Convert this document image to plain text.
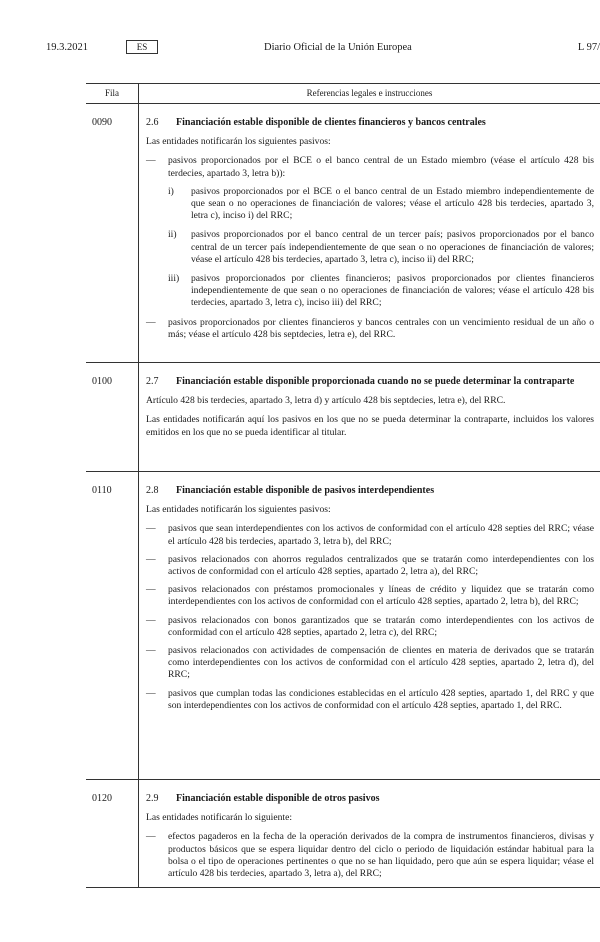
19.3.2021	ES	Diario Oficial de la Unión Europea	L 97/
Fila	Referencias legales e instrucciones
0090	2.6 Financiación estable disponible de clientes financieros y bancos centrales

Las entidades notificarán los siguientes pasivos:

— pasivos proporcionados por el BCE o el banco central de un Estado miembro (véase el artículo 428 bis terdecies, apartado 3, letra b)):
i) pasivos proporcionados por el BCE o el banco central de un Estado miembro independientemente de que sean o no operaciones de financiación de valores; véase el artículo 428 bis terdecies, apartado 3, letra c), inciso i) del RRC;
ii) pasivos proporcionados por el banco central de un tercer país; pasivos proporcionados por el banco central de un tercer país independientemente de que sean o no operaciones de financiación de valores; véase el artículo 428 bis terdecies, apartado 3, letra c), inciso ii) del RRC;
iii) pasivos proporcionados por clientes financieros; pasivos proporcionados por clientes financieros independientemente de que sean o no operaciones de financiación de valores; véase el artículo 428 bis terdecies, apartado 3, letra c), inciso iii) del RRC;
— pasivos proporcionados por clientes financieros y bancos centrales con un vencimiento residual de un año o más; véase el artículo 428 bis septdecies, letra e), del RRC.
0100	2.7 Financiación estable disponible proporcionada cuando no se puede determinar la contraparte

Artículo 428 bis terdecies, apartado 3, letra d) y artículo 428 bis septdecies, letra e), del RRC.

Las entidades notificarán aquí los pasivos en los que no se pueda determinar la contraparte, incluidos los valores emitidos en los que no se pueda identificar al titular.

0110	2.8 Financiación estable disponible de pasivos interdependientes

Las entidades notificarán los siguientes pasivos:

— pasivos que sean interdependientes con los activos de conformidad con el artículo 428 septies del RRC; véase el artículo 428 bis terdecies, apartado 3, letra b), del RRC;
— pasivos relacionados con ahorros regulados centralizados que se tratarán como interdependientes con los activos de conformidad con el artículo 428 septies, apartado 2, letra a), del RRC;
— pasivos relacionados con préstamos promocionales y líneas de crédito y liquidez que se tratarán como interdependientes con los activos de conformidad con el artículo 428 septies, apartado 2, letra b), del RRC;
— pasivos relacionados con bonos garantizados que se tratarán como interdependientes con los activos de conformidad con el artículo 428 septies, apartado 2, letra c), del RRC;
— pasivos relacionados con actividades de compensación de clientes en materia de derivados que se tratarán como interdependientes con los activos de conformidad con el artículo 428 septies, apartado 2, letra d), del RRC;
— pasivos que cumplan todas las condiciones establecidas en el artículo 428 septies, apartado 1, del RRC y que son interdependientes con los activos de conformidad con el artículo 428 septies, apartado 1, del RRC.
0120	2.9 Financiación estable disponible de otros pasivos

Las entidades notificarán lo siguiente:

— efectos pagaderos en la fecha de la operación derivados de la compra de instrumentos financieros, divisas y productos básicos que se espera liquidar dentro del ciclo o periodo de liquidación estándar habitual para la bolsa o el tipo de operaciones pertinentes o que no se han liquidado, pero que aún se espera liquidar; véase el artículo 428 bis terdecies, apartado 3, letra a), del RRC;
